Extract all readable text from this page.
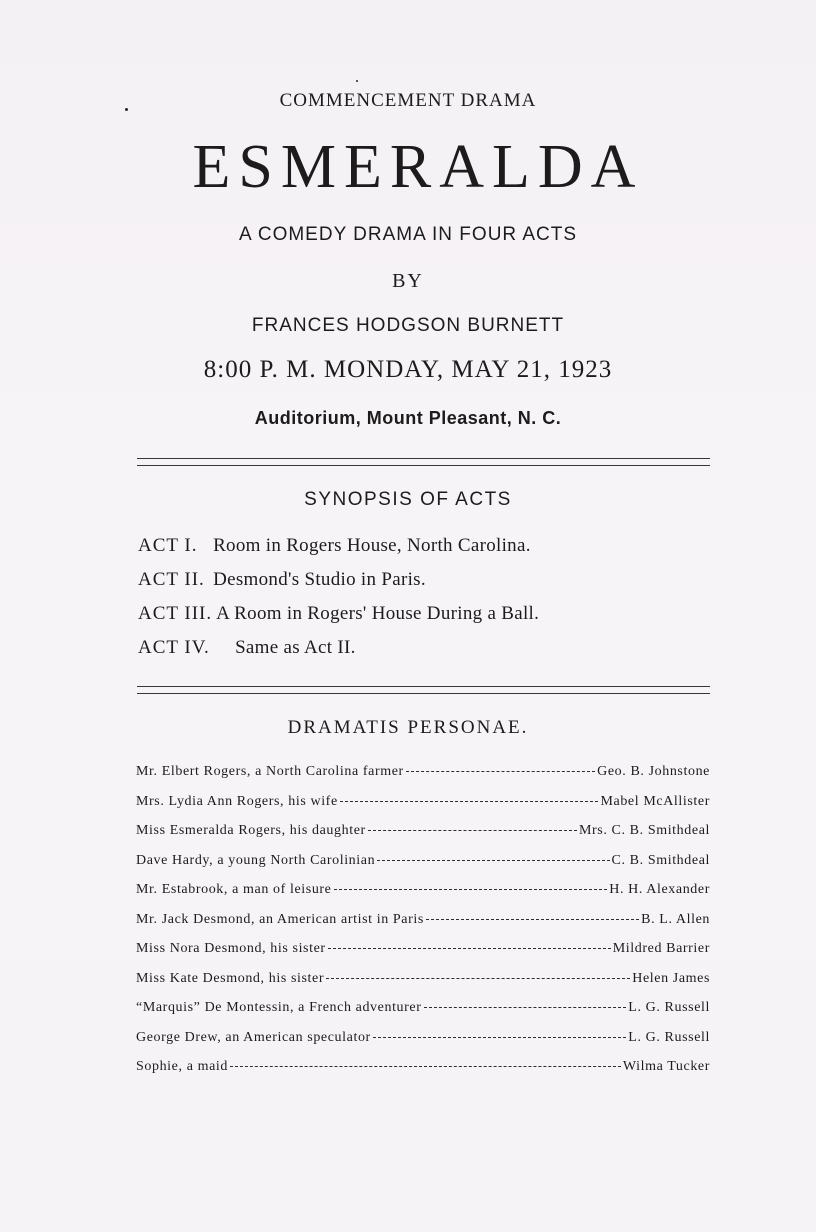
COMMENCEMENT DRAMA
ESMERALDA
A COMEDY DRAMA IN FOUR ACTS
BY
FRANCES HODGSON BURNETT
8:00 P. M. MONDAY, MAY 21, 1923
Auditorium, Mount Pleasant, N. C.
SYNOPSIS OF ACTS
ACT I. Room in Rogers House, North Carolina.
ACT II. Desmond's Studio in Paris.
ACT III. A Room in Rogers' House During a Ball.
ACT IV. Same as Act II.
DRAMATIS PERSONAE.
Mr. Elbert Rogers, a North Carolina farmer	Geo. B. Johnstone
Mrs. Lydia Ann Rogers, his wife	Mabel McAllister
Miss Esmeralda Rogers, his daughter	Mrs. C. B. Smithdeal
Dave Hardy, a young North Carolinian	C. B. Smithdeal
Mr. Estabrook, a man of leisure	H. H. Alexander
Mr. Jack Desmond, an American artist in Paris	B. L. Allen
Miss Nora Desmond, his sister	Mildred Barrier
Miss Kate Desmond, his sister	Helen James
“Marquis” De Montessin, a French adventurer	L. G. Russell
George Drew, an American speculator	L. G. Russell
Sophie, a maid	Wilma Tucker
